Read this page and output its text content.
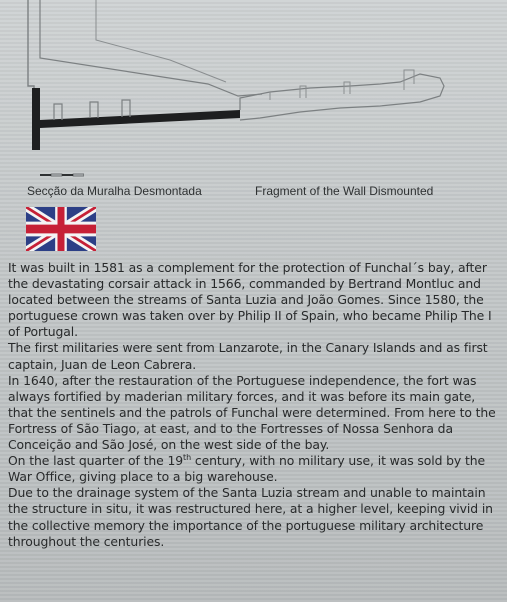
Secção da Muralha Desmontada	Fragment of the Wall Dismounted

It was built in 1581 as a complement for the protection of Funchal´s bay, after the devastating corsair attack in 1566, commanded by Bertrand Montluc and located between the streams of Santa Luzia and João Gomes. Since 1580, the portuguese crown was taken over by Philip II of Spain, who became Philip The I of Portugal.

The first militaries were sent from Lanzarote, in the Canary Islands and as first captain, Juan de Leon Cabrera.

In 1640, after the restauration of the Portuguese independence, the fort was always fortified by maderian military forces, and it was before its main gate, that the sentinels and the patrols of Funchal were determined. From here to the Fortress of São Tiago, at east, and to the Fortresses of Nossa Senhora da Conceição and São José, on the west side of the bay.

On the last quarter of the 19th century, with no military use, it was sold by the War Office, giving place to a big warehouse.

Due to the drainage system of the Santa Luzia stream and unable to maintain the structure in situ, it was restructured here, at a higher level, keeping vivid in the collective memory the importance of the portuguese military architecture throughout the centuries.
